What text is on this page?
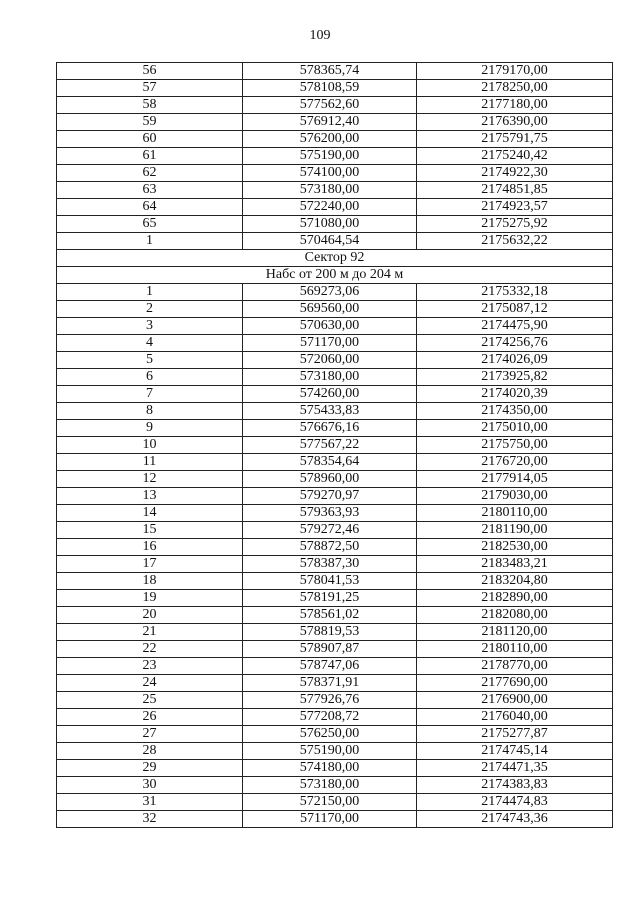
109
56	578365,74	2179170,00
57	578108,59	2178250,00
58	577562,60	2177180,00
59	576912,40	2176390,00
60	576200,00	2175791,75
61	575190,00	2175240,42
62	574100,00	2174922,30
63	573180,00	2174851,85
64	572240,00	2174923,57
65	571080,00	2175275,92
1	570464,54	2175632,22
Сектор 92		
Набс от 200 м до 204 м		
1	569273,06	2175332,18
2	569560,00	2175087,12
3	570630,00	2174475,90
4	571170,00	2174256,76
5	572060,00	2174026,09
6	573180,00	2173925,82
7	574260,00	2174020,39
8	575433,83	2174350,00
9	576676,16	2175010,00
10	577567,22	2175750,00
11	578354,64	2176720,00
12	578960,00	2177914,05
13	579270,97	2179030,00
14	579363,93	2180110,00
15	579272,46	2181190,00
16	578872,50	2182530,00
17	578387,30	2183483,21
18	578041,53	2183204,80
19	578191,25	2182890,00
20	578561,02	2182080,00
21	578819,53	2181120,00
22	578907,87	2180110,00
23	578747,06	2178770,00
24	578371,91	2177690,00
25	577926,76	2176900,00
26	577208,72	2176040,00
27	576250,00	2175277,87
28	575190,00	2174745,14
29	574180,00	2174471,35
30	573180,00	2174383,83
31	572150,00	2174474,83
32	571170,00	2174743,36
